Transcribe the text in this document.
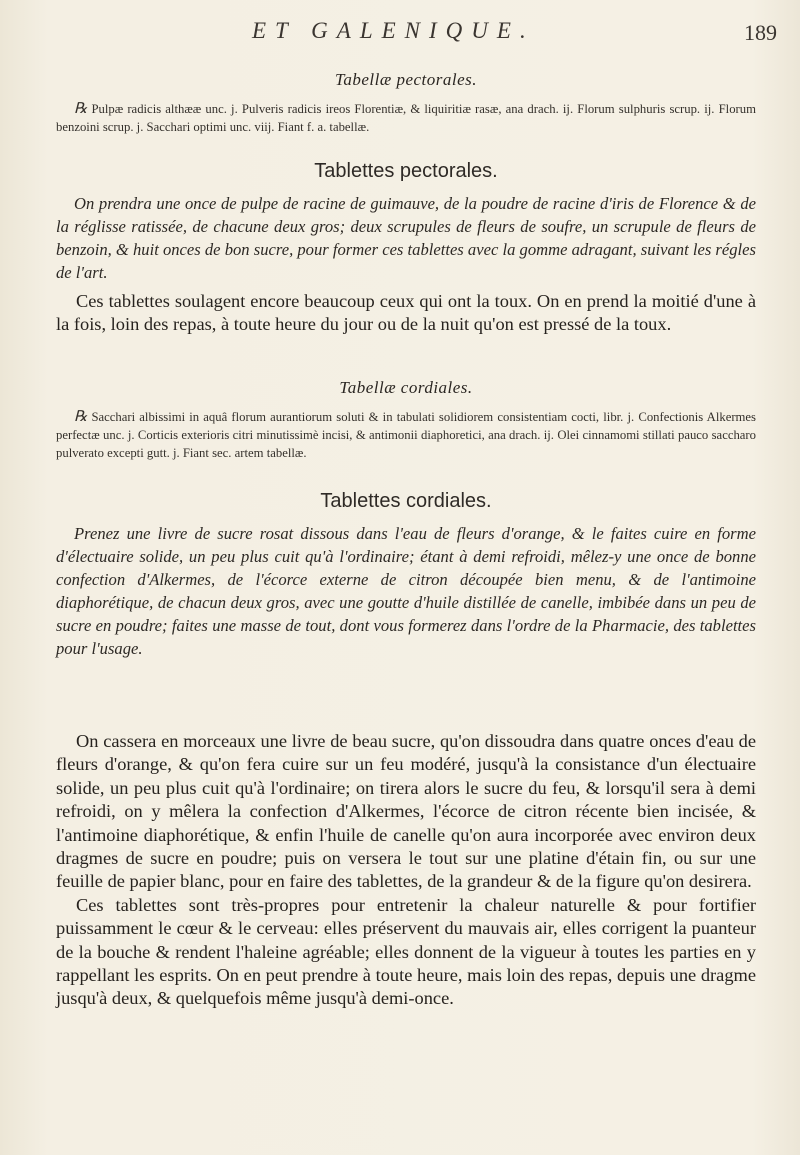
ET GALENIQUE.	189
Tabellæ pectorales.
℞ Pulpæ radicis althææ unc. j. Pulveris radicis ireos Florentiæ, & liquiritiæ rasæ, ana drach. ij. Florum sulphuris scrup. ij. Florum benzoini scrup. j. Sacchari optimi unc. viij. Fiant f. a. tabellæ.
Tablettes pectorales.
On prendra une once de pulpe de racine de guimauve, de la poudre de racine d'iris de Florence & de la réglisse ratissée, de chacune deux gros; deux scrupules de fleurs de soufre, un scrupule de fleurs de benzoin, & huit onces de bon sucre, pour former ces tablettes avec la gomme adragant, suivant les régles de l'art.

Ces tablettes soulagent encore beaucoup ceux qui ont la toux. On en prend la moitié d'une à la fois, loin des repas, à toute heure du jour ou de la nuit qu'on est pressé de la toux.

Tabellæ cordiales.
℞ Sacchari albissimi in aquâ florum aurantiorum soluti & in tabulati solidiorem consistentiam cocti, libr. j. Confectionis Alkermes perfectæ unc. j. Corticis exterioris citri minutissimè incisi, & antimonii diaphoretici, ana drach. ij. Olei cinnamomi stillati pauco saccharo pulverato excepti gutt. j. Fiant sec. artem tabellæ.
Tablettes cordiales.
Prenez une livre de sucre rosat dissous dans l'eau de fleurs d'orange, & le faites cuire en forme d'électuaire solide, un peu plus cuit qu'à l'ordinaire; étant à demi refroidi, mêlez-y une once de bonne confection d'Alkermes, de l'écorce externe de citron découpée bien menu, & de l'antimoine diaphorétique, de chacun deux gros, avec une goutte d'huile distillée de canelle, imbibée dans un peu de sucre en poudre; faites une masse de tout, dont vous formerez dans l'ordre de la Pharmacie, des tablettes pour l'usage.

On cassera en morceaux une livre de beau sucre, qu'on dissoudra dans quatre onces d'eau de fleurs d'orange, & qu'on fera cuire sur un feu modéré, jusqu'à la consistance d'un électuaire solide, un peu plus cuit qu'à l'ordinaire; on tirera alors le sucre du feu, & lorsqu'il sera à demi refroidi, on y mêlera la confection d'Alkermes, l'écorce de citron récente bien incisée, & l'antimoine diaphorétique, & enfin l'huile de canelle qu'on aura incorporée avec environ deux dragmes de sucre en poudre; puis on versera le tout sur une platine d'étain fin, ou sur une feuille de papier blanc, pour en faire des tablettes, de la grandeur & de la figure qu'on desirera.

Ces tablettes sont très-propres pour entretenir la chaleur naturelle & pour fortifier puissamment le cœur & le cerveau: elles préservent du mauvais air, elles corrigent la puanteur de la bouche & rendent l'haleine agréable; elles donnent de la vigueur à toutes les parties en y rappellant les esprits. On en peut prendre à toute heure, mais loin des repas, depuis une dragme jusqu'à deux, & quelquefois même jusqu'à demi-once.
